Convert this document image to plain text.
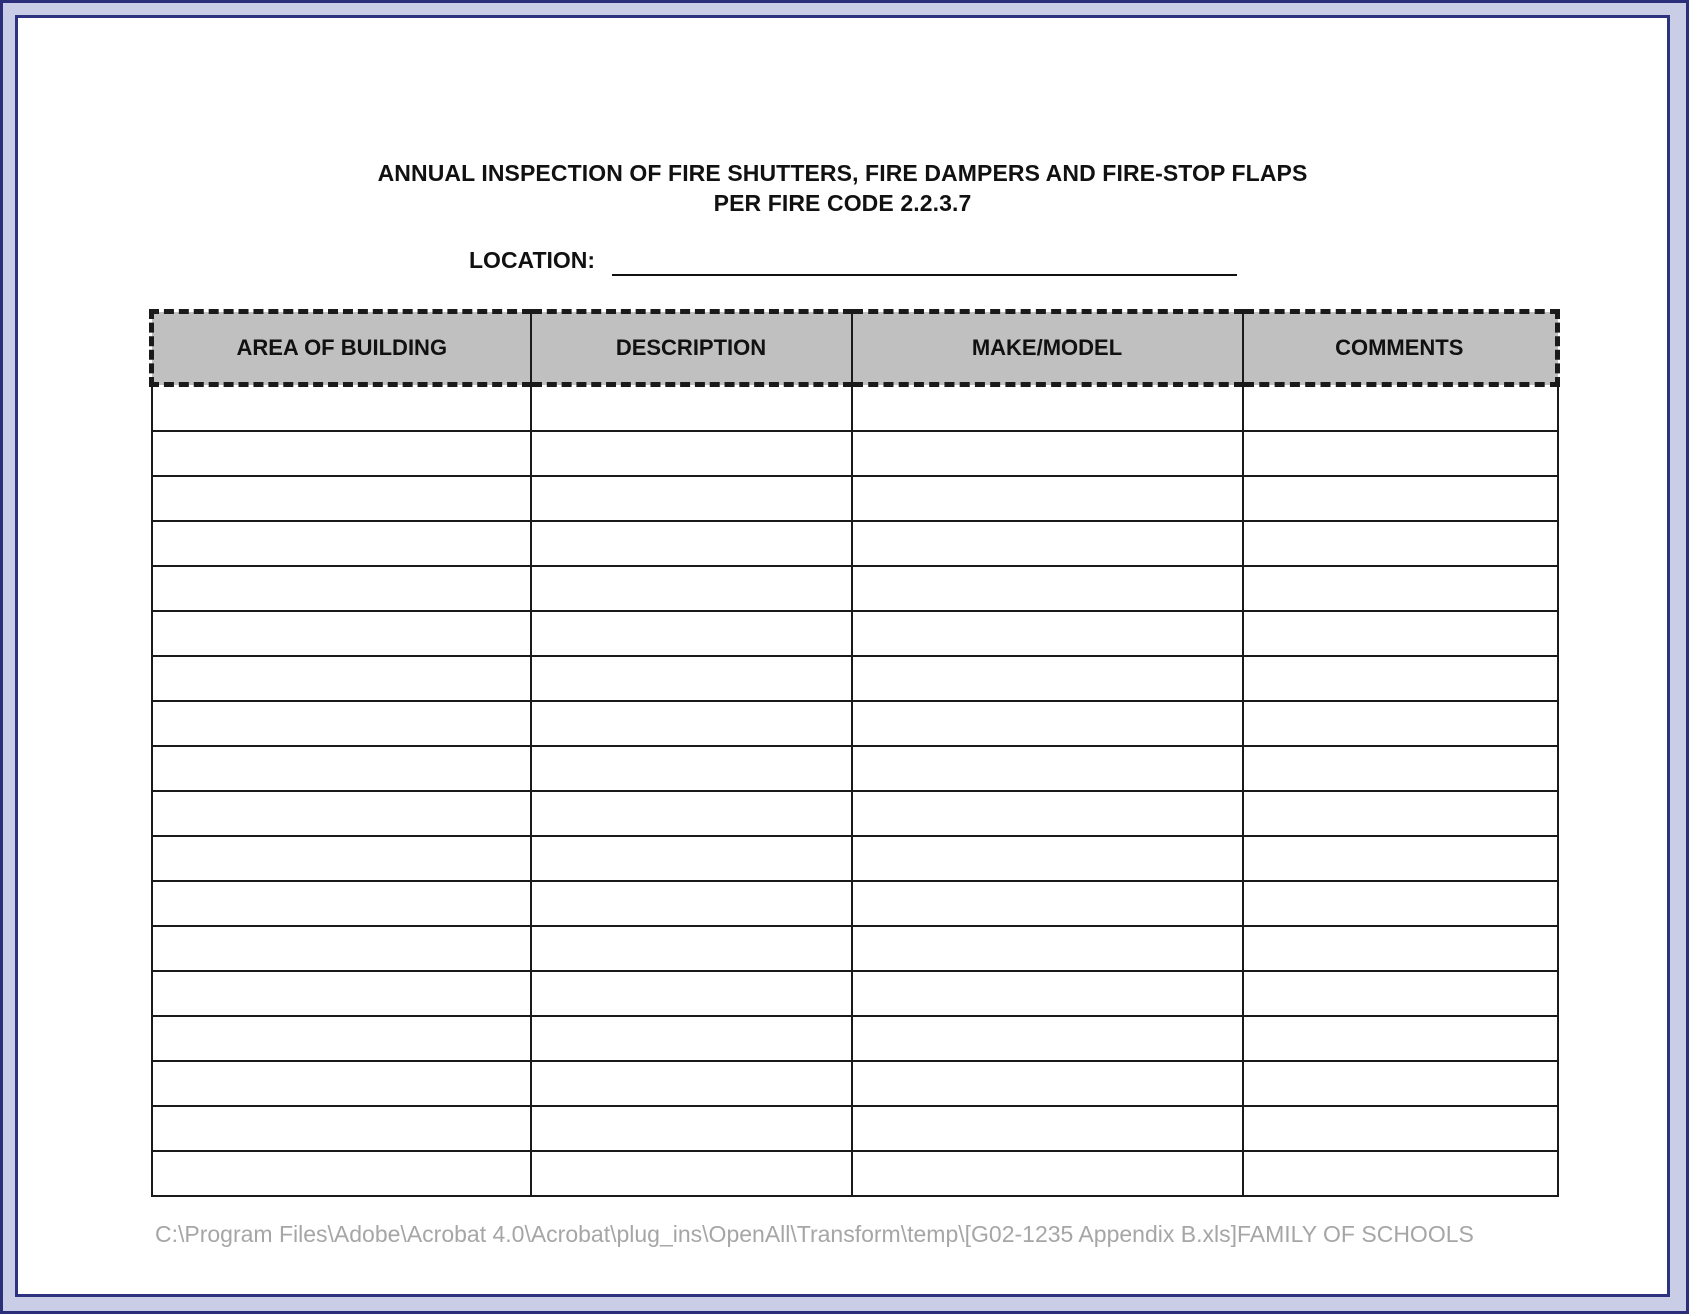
ANNUAL INSPECTION OF FIRE SHUTTERS, FIRE DAMPERS AND FIRE-STOP FLAPS
PER FIRE CODE 2.2.3.7
LOCATION:
AREA OF BUILDING	DESCRIPTION	MAKE/MODEL	COMMENTS

C:\Program Files\Adobe\Acrobat 4.0\Acrobat\plug_ins\OpenAll\Transform\temp\[G02-1235 Appendix B.xls]FAMILY OF SCHOOLS
